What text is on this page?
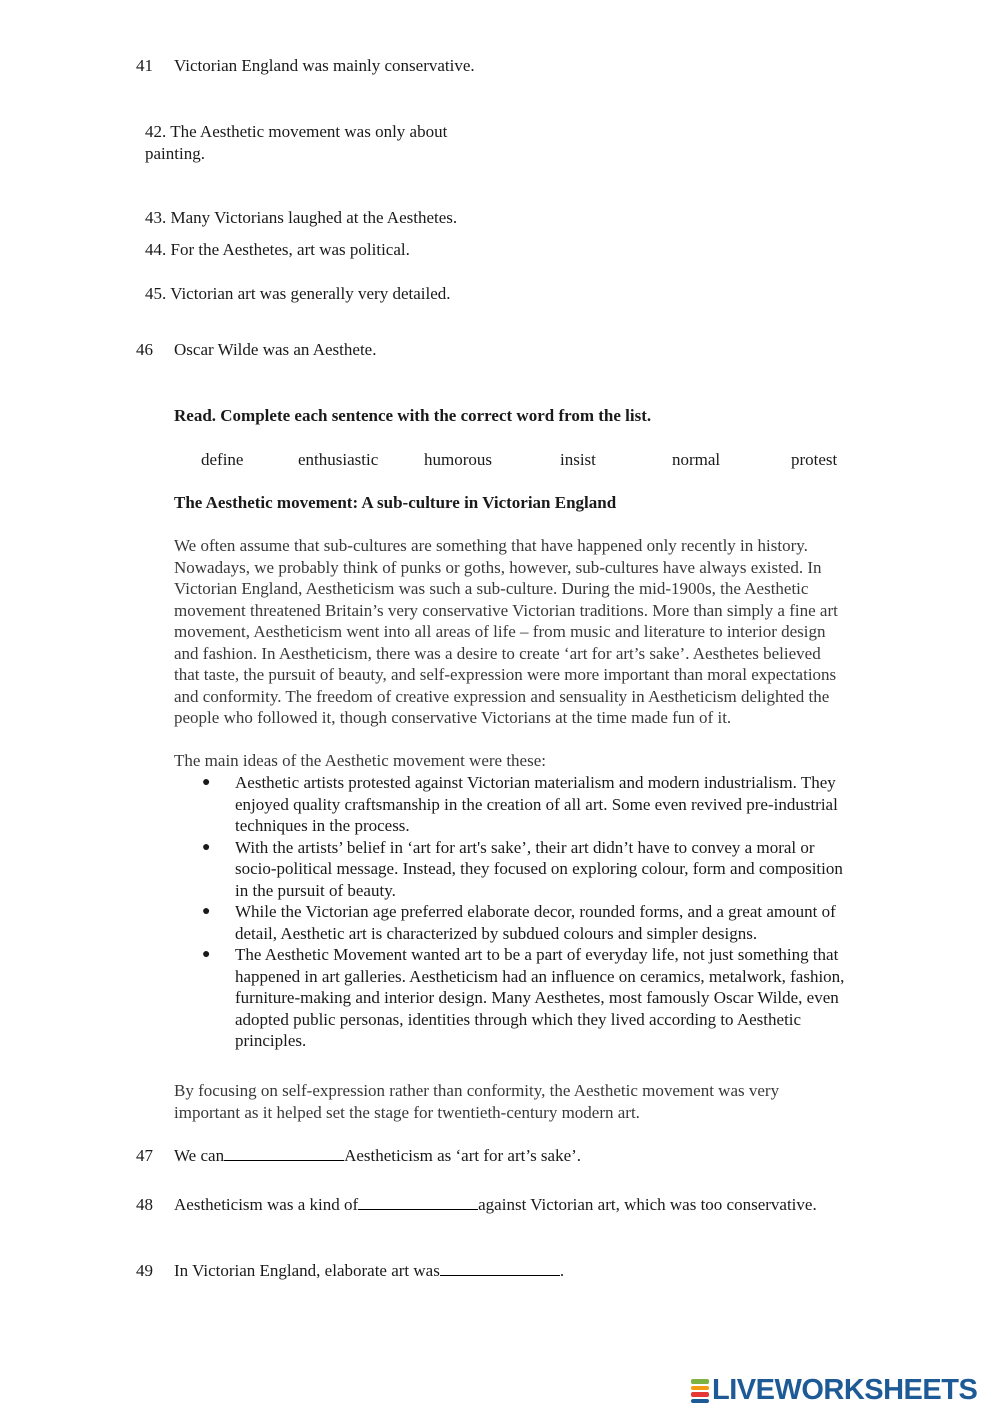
41 Victorian England was mainly conservative.
42. The Aesthetic movement was only about
painting.
43. Many Victorians laughed at the Aesthetes.
44. For the Aesthetes, art was political.
45. Victorian art was generally very detailed.
46 Oscar Wilde was an Aesthete.
Read. Complete each sentence with the correct word from the list.
define	enthusiastic	humorous	insist	normal	protest
The Aesthetic movement: A sub-culture in Victorian England
We often assume that sub-cultures are something that have happened only recently in history.
Nowadays, we probably think of punks or goths, however, sub-cultures have always existed. In
Victorian England, Aestheticism was such a sub-culture. During the mid-1900s, the Aesthetic
movement threatened Britain’s very conservative Victorian traditions. More than simply a fine art
movement, Aestheticism went into all areas of life – from music and literature to interior design
and fashion. In Aestheticism, there was a desire to create ‘art for art’s sake’. Aesthetes believed
that taste, the pursuit of beauty, and self-expression were more important than moral expectations
and conformity. The freedom of creative expression and sensuality in Aestheticism delighted the
people who followed it, though conservative Victorians at the time made fun of it.
The main ideas of the Aesthetic movement were these:
● Aesthetic artists protested against Victorian materialism and modern industrialism. They
enjoyed quality craftsmanship in the creation of all art. Some even revived pre-industrial
techniques in the process.
● With the artists’ belief in ‘art for art's sake’, their art didn’t have to convey a moral or
socio-political message. Instead, they focused on exploring colour, form and composition
in the pursuit of beauty.
● While the Victorian age preferred elaborate decor, rounded forms, and a great amount of
detail, Aesthetic art is characterized by subdued colours and simpler designs.
● The Aesthetic Movement wanted art to be a part of everyday life, not just something that
happened in art galleries. Aestheticism had an influence on ceramics, metalwork, fashion,
furniture-making and interior design. Many Aesthetes, most famously Oscar Wilde, even
adopted public personas, identities through which they lived according to Aesthetic
principles.
By focusing on self-expression rather than conformity, the Aesthetic movement was very
important as it helped set the stage for twentieth-century modern art.
47 We can	Aestheticism as ‘art for art’s sake’.
48 Aestheticism was a kind of	against Victorian art, which was too conservative.
49 In Victorian England, elaborate art was	.
LIVEWORKSHEETS
